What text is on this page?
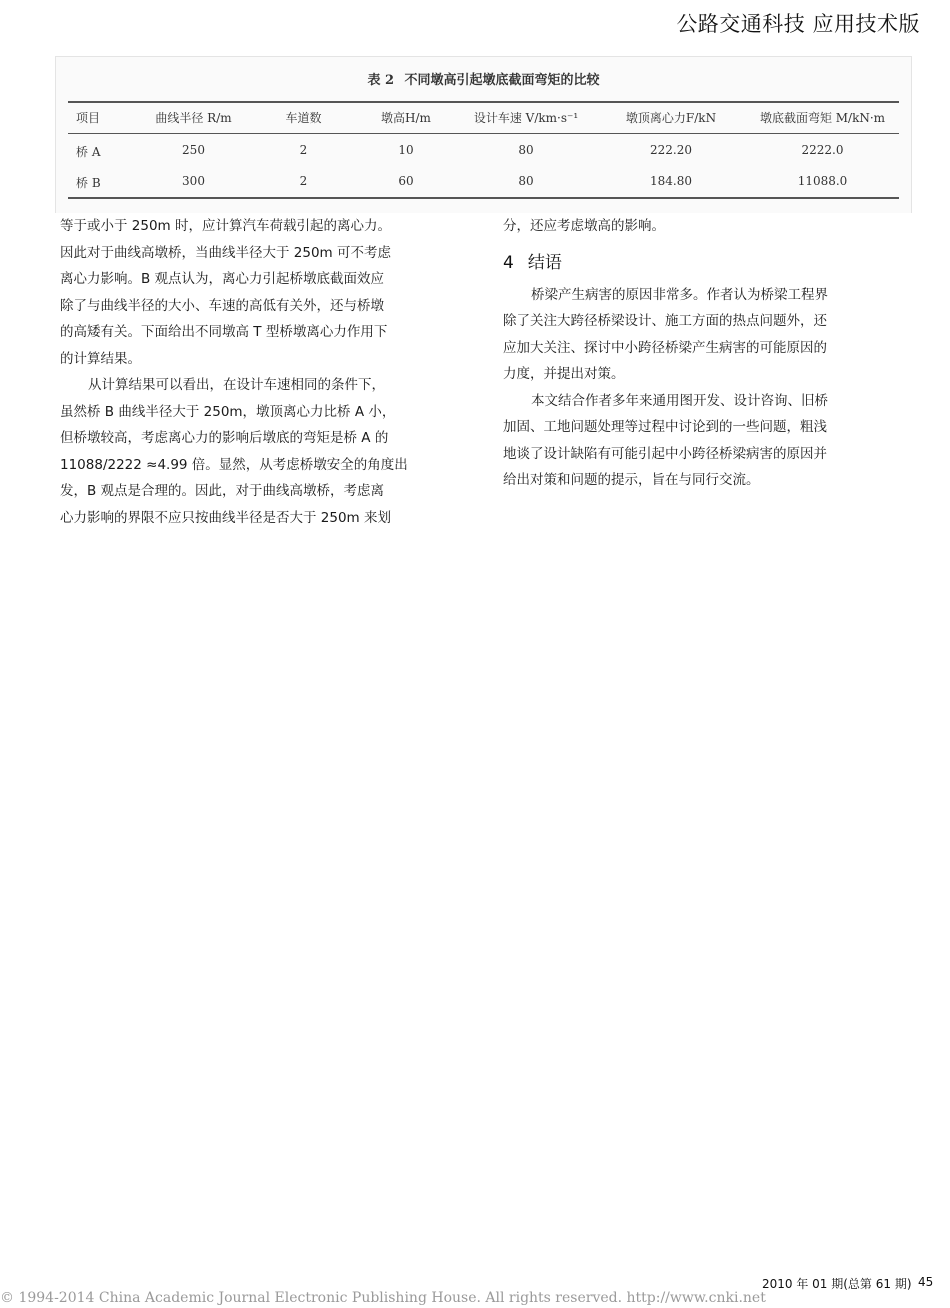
公路交通科技 应用技术版
表 2 不同墩高引起墩底截面弯矩的比较
项目	曲线半径 R/m	车道数	墩高H/m	设计车速 V/km·s⁻¹	墩顶离心力F/kN	墩底截面弯矩 M/kN·m
桥 A	250	2	10	80	222.20	2222.0
桥 B	300	2	60	80	184.80	11088.0

等于或小于 250m 时，应计算汽车荷载引起的离心力。

因此对于曲线高墩桥，当曲线半径大于 250m 可不考虑

离心力影响。B 观点认为，离心力引起桥墩底截面效应

除了与曲线半径的大小、车速的高低有关外，还与桥墩

的高矮有关。下面给出不同墩高 T 型桥墩离心力作用下

的计算结果。

从计算结果可以看出，在设计车速相同的条件下，

虽然桥 B 曲线半径大于 250m，墩顶离心力比桥 A 小，

但桥墩较高，考虑离心力的影响后墩底的弯矩是桥 A 的

11088/2222 ≈4.99 倍。显然，从考虑桥墩安全的角度出

发，B 观点是合理的。因此，对于曲线高墩桥，考虑离

心力影响的界限不应只按曲线半径是否大于 250m 来划

分，还应考虑墩高的影响。

4 结语

桥梁产生病害的原因非常多。作者认为桥梁工程界

除了关注大跨径桥梁设计、施工方面的热点问题外，还

应加大关注、探讨中小跨径桥梁产生病害的可能原因的

力度，并提出对策。

本文结合作者多年来通用图开发、设计咨询、旧桥

加固、工地问题处理等过程中讨论到的一些问题，粗浅

地谈了设计缺陷有可能引起中小跨径桥梁病害的原因并

给出对策和问题的提示，旨在与同行交流。

2010 年 01 期(总第 61 期) 45
© 1994-2014 China Academic Journal Electronic Publishing House. All rights reserved. http://www.cnki.net
